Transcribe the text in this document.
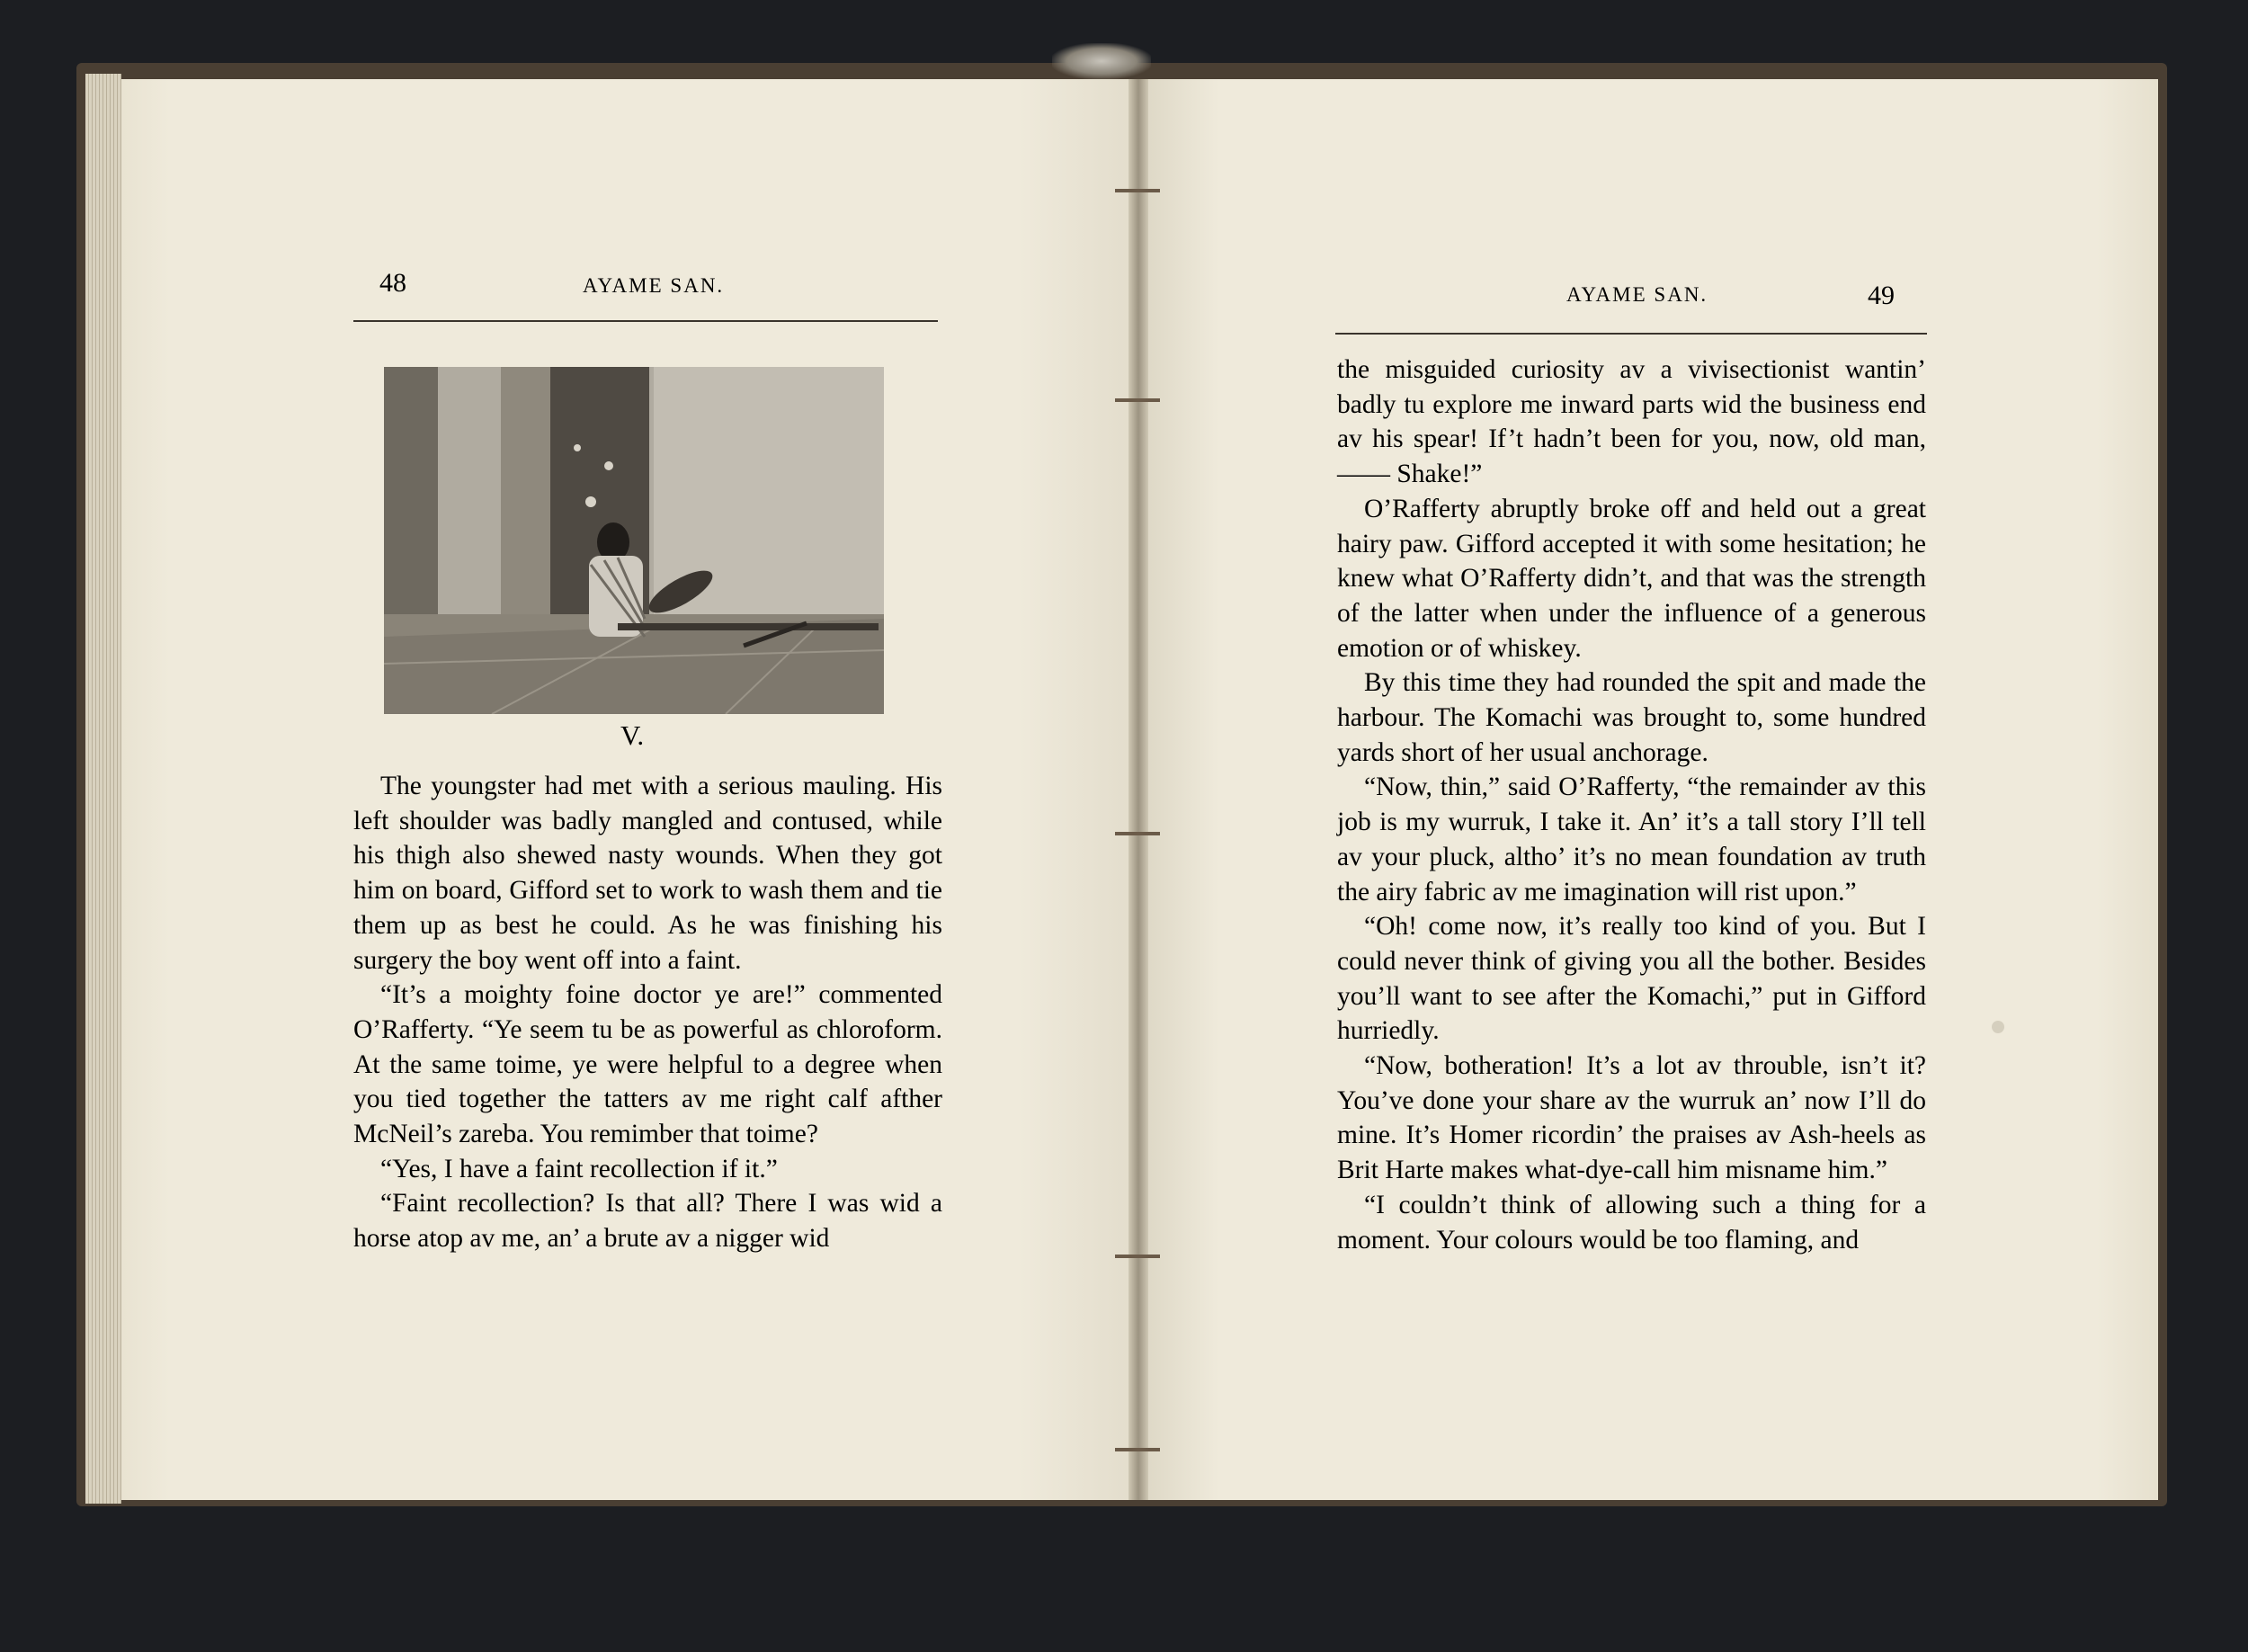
48	AYAME SAN.
V.

The youngster had met with a serious mauling. His left shoulder was badly mangled and contused, while his thigh also shewed nasty wounds. When they got him on board, Gifford set to work to wash them and tie them up as best he could. As he was finishing his surgery the boy went off into a faint.

“It’s a moighty foine doctor ye are!” commented O’Rafferty. “Ye seem tu be as powerful as chloroform. At the same toime, ye were helpful to a degree when you tied together the tatters av me right calf afther McNeil’s zareba. You remimber that toime?

“Yes, I have a faint recollection if it.”

“Faint recollection? Is that all? There I was wid a horse atop av me, an’ a brute av a nigger wid

AYAME SAN.	49

the misguided curiosity av a vivisectionist wantin’ badly tu explore me inward parts wid the business end av his spear! If’t hadn’t been for you, now, old man,—— Shake!”

O’Rafferty abruptly broke off and held out a great hairy paw. Gifford accepted it with some hesitation; he knew what O’Rafferty didn’t, and that was the strength of the latter when under the influence of a generous emotion or of whiskey.

By this time they had rounded the spit and made the harbour. The Komachi was brought to, some hundred yards short of her usual anchorage.

“Now, thin,” said O’Rafferty, “the remainder av this job is my wurruk, I take it. An’ it’s a tall story I’ll tell av your pluck, altho’ it’s no mean foundation av truth the airy fabric av me imagination will rist upon.”

“Oh! come now, it’s really too kind of you. But I could never think of giving you all the bother. Besides you’ll want to see after the Komachi,” put in Gifford hurriedly.

“Now, botheration! It’s a lot av throuble, isn’t it? You’ve done your share av the wurruk an’ now I’ll do mine. It’s Homer ricordin’ the praises av Ash-heels as Brit Harte makes what-dye-call him misname him.”

“I couldn’t think of allowing such a thing for a moment. Your colours would be too flaming, and
